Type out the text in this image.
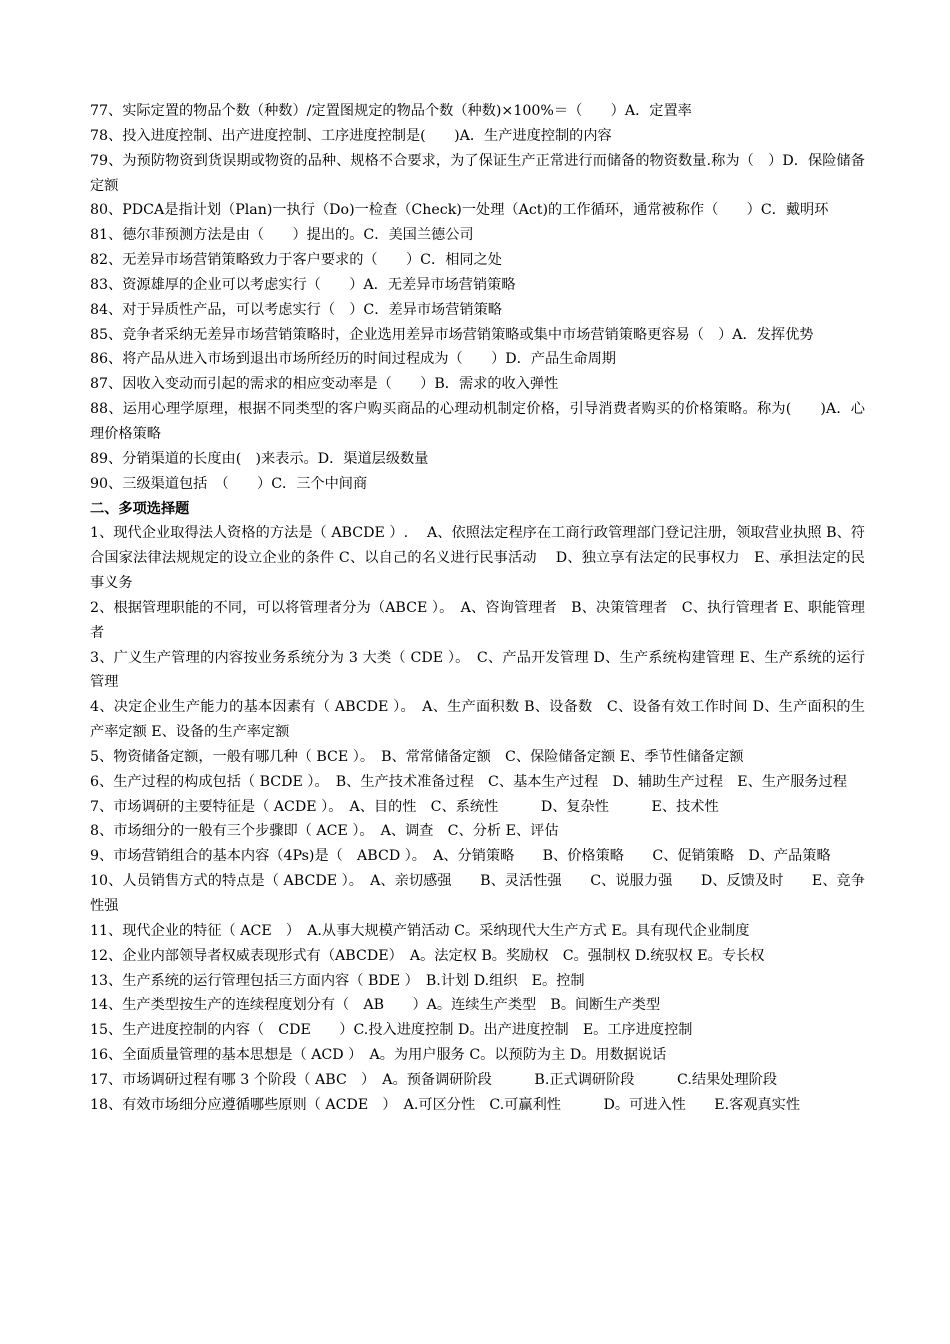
77、实际定置的物品个数（种数）/定置图规定的物品个数（种数)×100%＝（　　）A．定置率

78、投入进度控制、出产进度控制、工序进度控制是(　　)A．生产进度控制的内容

79、为预防物资到货误期或物资的品种、规格不合要求，为了保证生产正常进行而储备的物资数量.称为（　）D．保险储备定额

80、PDCA是指计划（Plan)一执行（Do)一检查（Check)一处理（Act)的工作循环，通常被称作（　　）C．戴明环

81、德尔菲预测方法是由（　　）提出的。C．美国兰德公司

82、无差异市场营销策略致力于客户要求的（　　）C．相同之处

83、资源雄厚的企业可以考虑实行（　　）A．无差异市场营销策略

84、对于异质性产品，可以考虑实行（　）C．差异市场营销策略

85、竞争者采纳无差异市场营销策略时，企业选用差异市场营销策略或集中市场营销策略更容易（　）A．发挥优势

86、将产品从进入市场到退出市场所经历的时间过程成为（　　）D．产品生命周期

87、因收入变动而引起的需求的相应变动率是（　　）B．需求的收入弹性

88、运用心理学原理，根据不同类型的客户购买商品的心理动机制定价格，引导消费者购买的价格策略。称为(　　)A．心理价格策略

89、分销渠道的长度由(　)来表示。D．渠道层级数量

90、三级渠道包括　（　　）C．三个中间商

二、多项选择题

1、现代企业取得法人资格的方法是（ ABCDE ）.　 A、依照法定程序在工商行政管理部门登记注册，领取营业执照 B、符合国家法律法规规定的设立企业的条件 C、以自己的名义进行民事活动　 D、独立享有法定的民事权力　E、承担法定的民事义务

2、根据管理职能的不同，可以将管理者分为（ABCE ）。　A、咨询管理者　B、决策管理者　C、执行管理者 E、职能管理者

3、广义生产管理的内容按业务系统分为 3 大类（ CDE ）。　C、产品开发管理 D、生产系统构建管理 E、生产系统的运行管理

4、决定企业生产能力的基本因素有（ ABCDE ）。　A、生产面积数 B、设备数　C、设备有效工作时间 D、生产面积的生产率定额 E、设备的生产率定额

5、物资储备定额，一般有哪几种（ BCE ）。　B、常常储备定额　C、保险储备定额 E、季节性储备定额

6、生产过程的构成包括（ BCDE ）。　B、生产技术准备过程　C、基本生产过程　D、辅助生产过程　E、生产服务过程

7、市场调研的主要特征是（ ACDE ）。　A、目的性　C、系统性　　　D、复杂性　　　E、技术性

8、市场细分的一般有三个步骤即（ ACE ）。　A、调查　C、分析 E、评估

9、市场营销组合的基本内容（4Ps)是（　ABCD ）。　A、分销策略　　B、价格策略　　C、促销策略　D、产品策略

10、人员销售方式的特点是（ ABCDE ）。　A、亲切感强　　B、灵活性强　　C、说服力强　　D、反馈及时　　E、竞争性强

11、现代企业的特征（ ACE　）　A.从事大规模产销活动 C。采纳现代大生产方式 E。具有现代企业制度

12、企业内部领导者权威表现形式有（ABCDE）　A。法定权 B。奖励权　C。强制权 D.统驭权 E。专长权

13、生产系统的运行管理包括三方面内容（ BDE ）　B.计划 D.组织　E。控制

14、生产类型按生产的连续程度划分有（　AB　　）A。连续生产类型　B。间断生产类型

15、生产进度控制的内容（　CDE　　）C.投入进度控制 D。出产进度控制　E。工序进度控制

16、全面质量管理的基本思想是（ ACD ）　A。为用户服务 C。以预防为主 D。用数据说话

17、市场调研过程有哪 3 个阶段（ ABC　）　A。预备调研阶段　　　B.正式调研阶段　　　C.结果处理阶段

18、有效市场细分应遵循哪些原则（ ACDE　）　A.可区分性　C.可赢利性　　　D。可进入性　　E.客观真实性
